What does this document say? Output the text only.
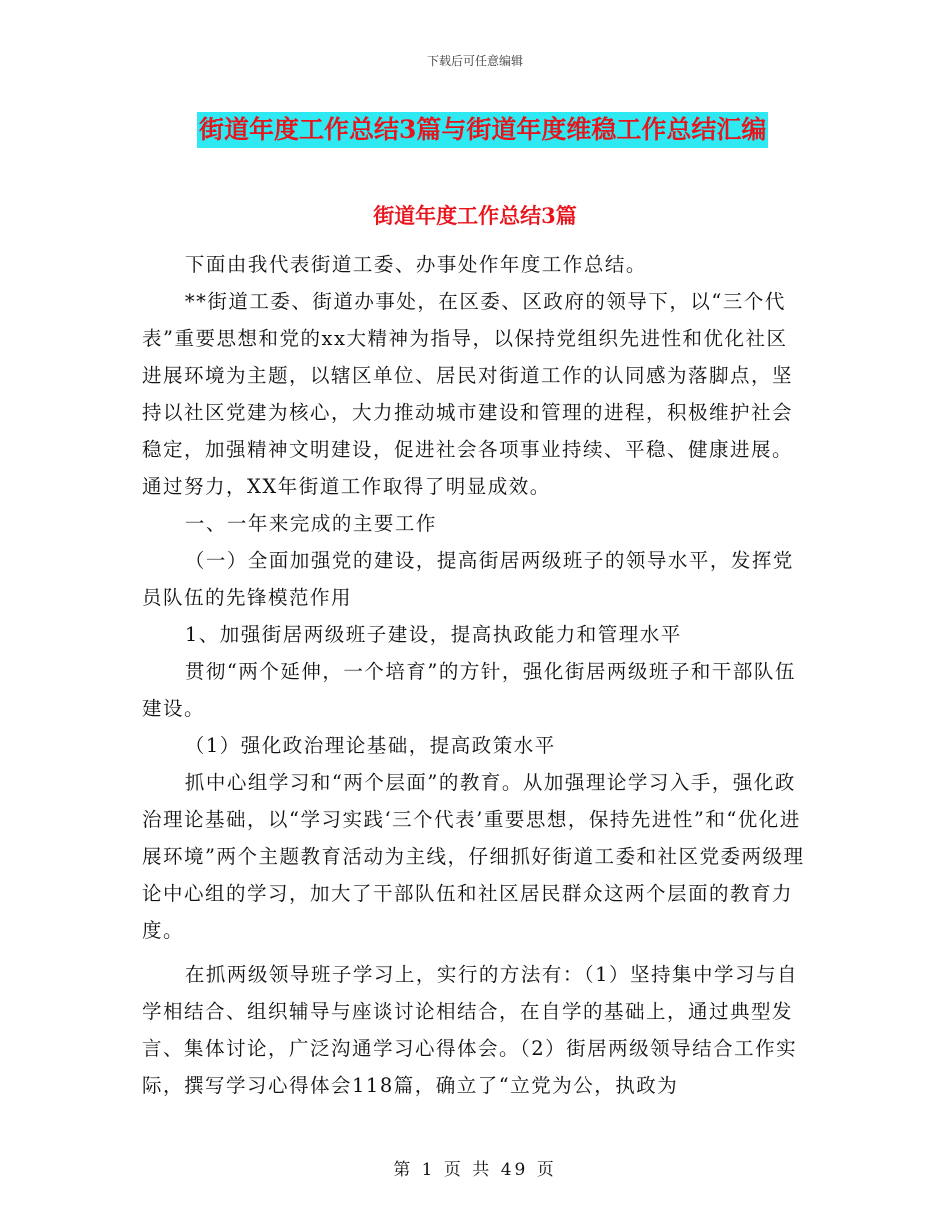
下载后可任意编辑
街道年度工作总结3篇与街道年度维稳工作总结汇编
街道年度工作总结3篇

下面由我代表街道工委、办事处作年度工作总结。

**街道工委、街道办事处，在区委、区政府的领导下，以“三个代表”重要思想和党的xx大精神为指导，以保持党组织先进性和优化社区进展环境为主题，以辖区单位、居民对街道工作的认同感为落脚点，坚持以社区党建为核心，大力推动城市建设和管理的进程，积极维护社会稳定，加强精神文明建设，促进社会各项事业持续、平稳、健康进展。通过努力，XX年街道工作取得了明显成效。

一、一年来完成的主要工作

（一）全面加强党的建设，提高街居两级班子的领导水平，发挥党员队伍的先锋模范作用

1、加强街居两级班子建设，提高执政能力和管理水平

贯彻“两个延伸，一个培育”的方针，强化街居两级班子和干部队伍建设。

（1）强化政治理论基础，提高政策水平

抓中心组学习和“两个层面”的教育。从加强理论学习入手，强化政治理论基础，以“学习实践‘三个代表’重要思想，保持先进性”和“优化进展环境”两个主题教育活动为主线，仔细抓好街道工委和社区党委两级理论中心组的学习，加大了干部队伍和社区居民群众这两个层面的教育力度。

在抓两级领导班子学习上，实行的方法有：（1）坚持集中学习与自学相结合、组织辅导与座谈讨论相结合，在自学的基础上，通过典型发言、集体讨论，广泛沟通学习心得体会。（2）街居两级领导结合工作实际，撰写学习心得体会118篇，确立了“立党为公，执政为

第 1 页 共 49 页
